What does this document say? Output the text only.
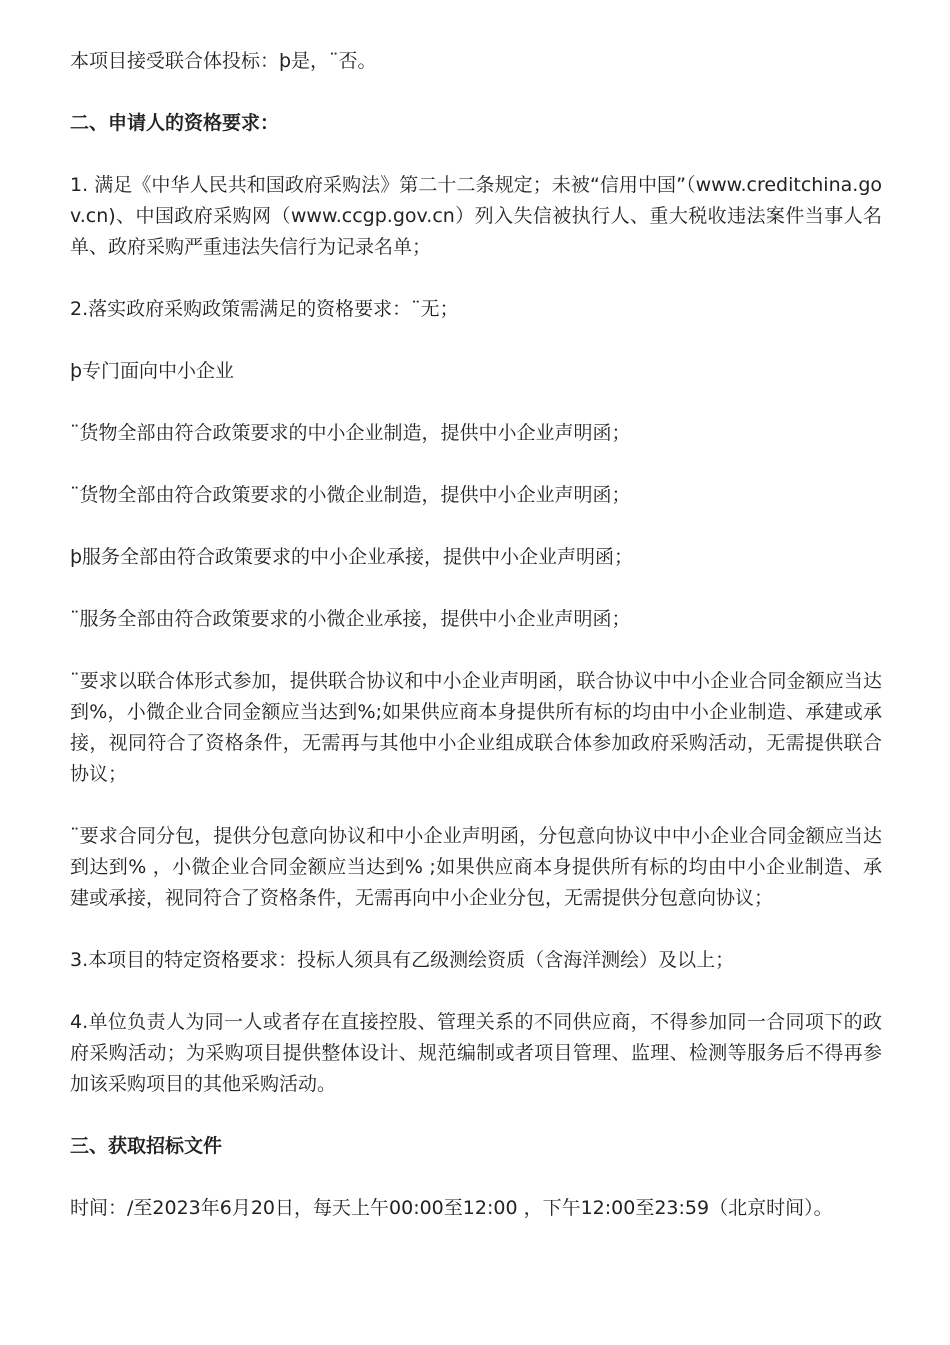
本项目接受联合体投标：þ是，¨否。

二、申请人的资格要求：

1. 满足《中华人民共和国政府采购法》第二十二条规定；未被“信用中国”（www.creditchina.gov.cn)、中国政府采购网（www.ccgp.gov.cn）列入失信被执行人、重大税收违法案件当事人名单、政府采购严重违法失信行为记录名单；

2.落实政府采购政策需满足的资格要求：¨无；

þ专门面向中小企业

¨货物全部由符合政策要求的中小企业制造，提供中小企业声明函；

¨货物全部由符合政策要求的小微企业制造，提供中小企业声明函；

þ服务全部由符合政策要求的中小企业承接，提供中小企业声明函；

¨服务全部由符合政策要求的小微企业承接，提供中小企业声明函；

¨要求以联合体形式参加，提供联合协议和中小企业声明函，联合协议中中小企业合同金额应当达到%，小微企业合同金额应当达到%;如果供应商本身提供所有标的均由中小企业制造、承建或承接，视同符合了资格条件，无需再与其他中小企业组成联合体参加政府采购活动，无需提供联合协议；

¨要求合同分包，提供分包意向协议和中小企业声明函，分包意向协议中中小企业合同金额应当达到达到% ，小微企业合同金额应当达到% ;如果供应商本身提供所有标的均由中小企业制造、承建或承接，视同符合了资格条件，无需再向中小企业分包，无需提供分包意向协议；

3.本项目的特定资格要求：投标人须具有乙级测绘资质（含海洋测绘）及以上；

4.单位负责人为同一人或者存在直接控股、管理关系的不同供应商，不得参加同一合同项下的政府采购活动；为采购项目提供整体设计、规范编制或者项目管理、监理、检测等服务后不得再参加该采购项目的其他采购活动。

三、获取招标文件

时间：/至2023年6月20日，每天上午00:00至12:00 ，下午12:00至23:59（北京时间）。
